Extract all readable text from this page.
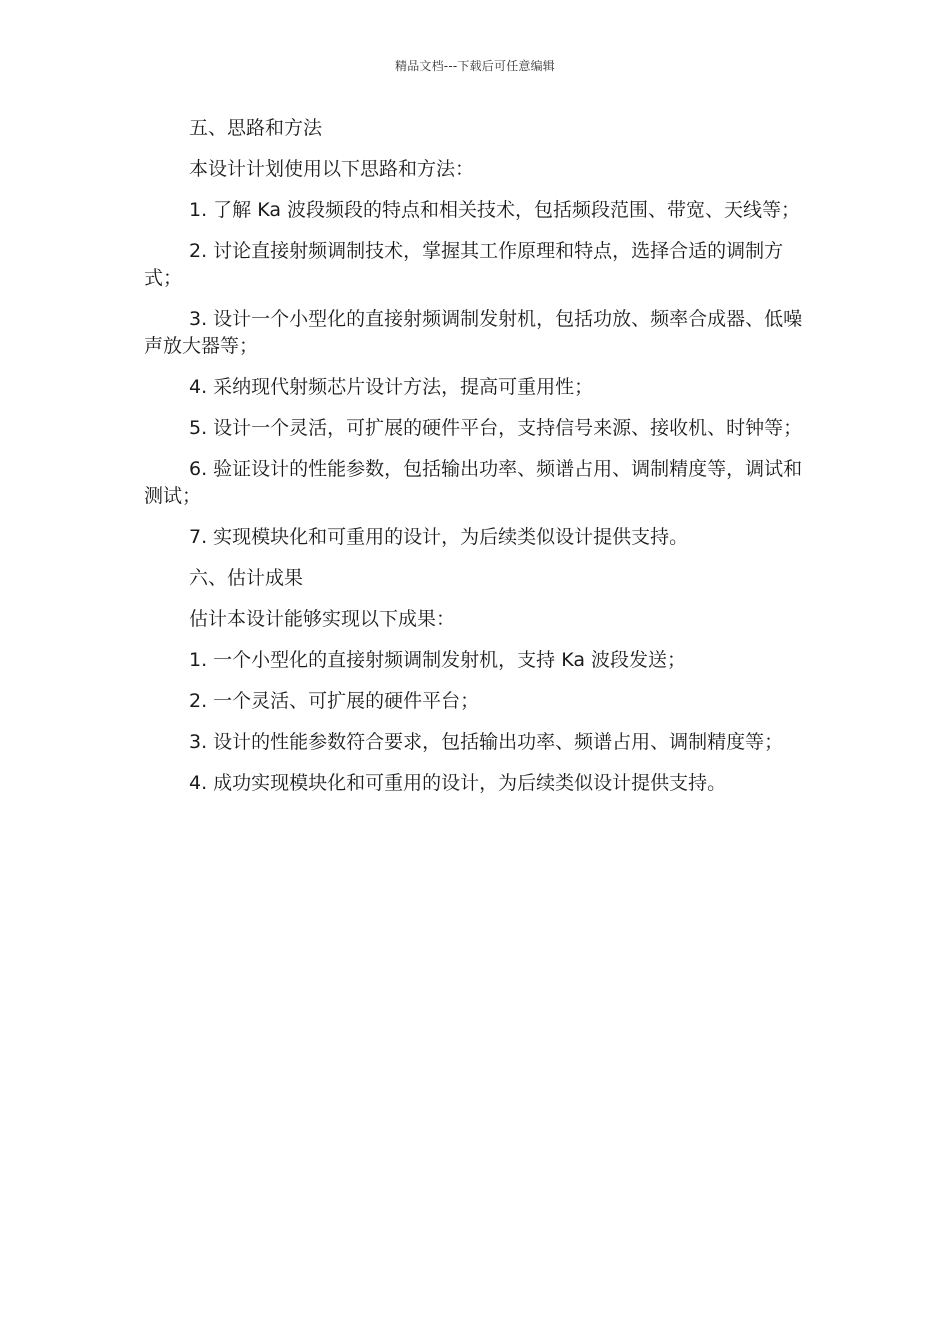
精品文档---下载后可任意编辑

五、思路和方法

本设计计划使用以下思路和方法：

1. 了解 Ka 波段频段的特点和相关技术，包括频段范围、带宽、天线等；

2. 讨论直接射频调制技术，掌握其工作原理和特点，选择合适的调制方式；

3. 设计一个小型化的直接射频调制发射机，包括功放、频率合成器、低噪声放大器等；

4. 采纳现代射频芯片设计方法，提高可重用性；

5. 设计一个灵活，可扩展的硬件平台，支持信号来源、接收机、时钟等；

6. 验证设计的性能参数，包括输出功率、频谱占用、调制精度等，调试和测试；

7. 实现模块化和可重用的设计，为后续类似设计提供支持。

六、估计成果

估计本设计能够实现以下成果：

1. 一个小型化的直接射频调制发射机，支持 Ka 波段发送；

2. 一个灵活、可扩展的硬件平台；

3. 设计的性能参数符合要求，包括输出功率、频谱占用、调制精度等；

4. 成功实现模块化和可重用的设计，为后续类似设计提供支持。
